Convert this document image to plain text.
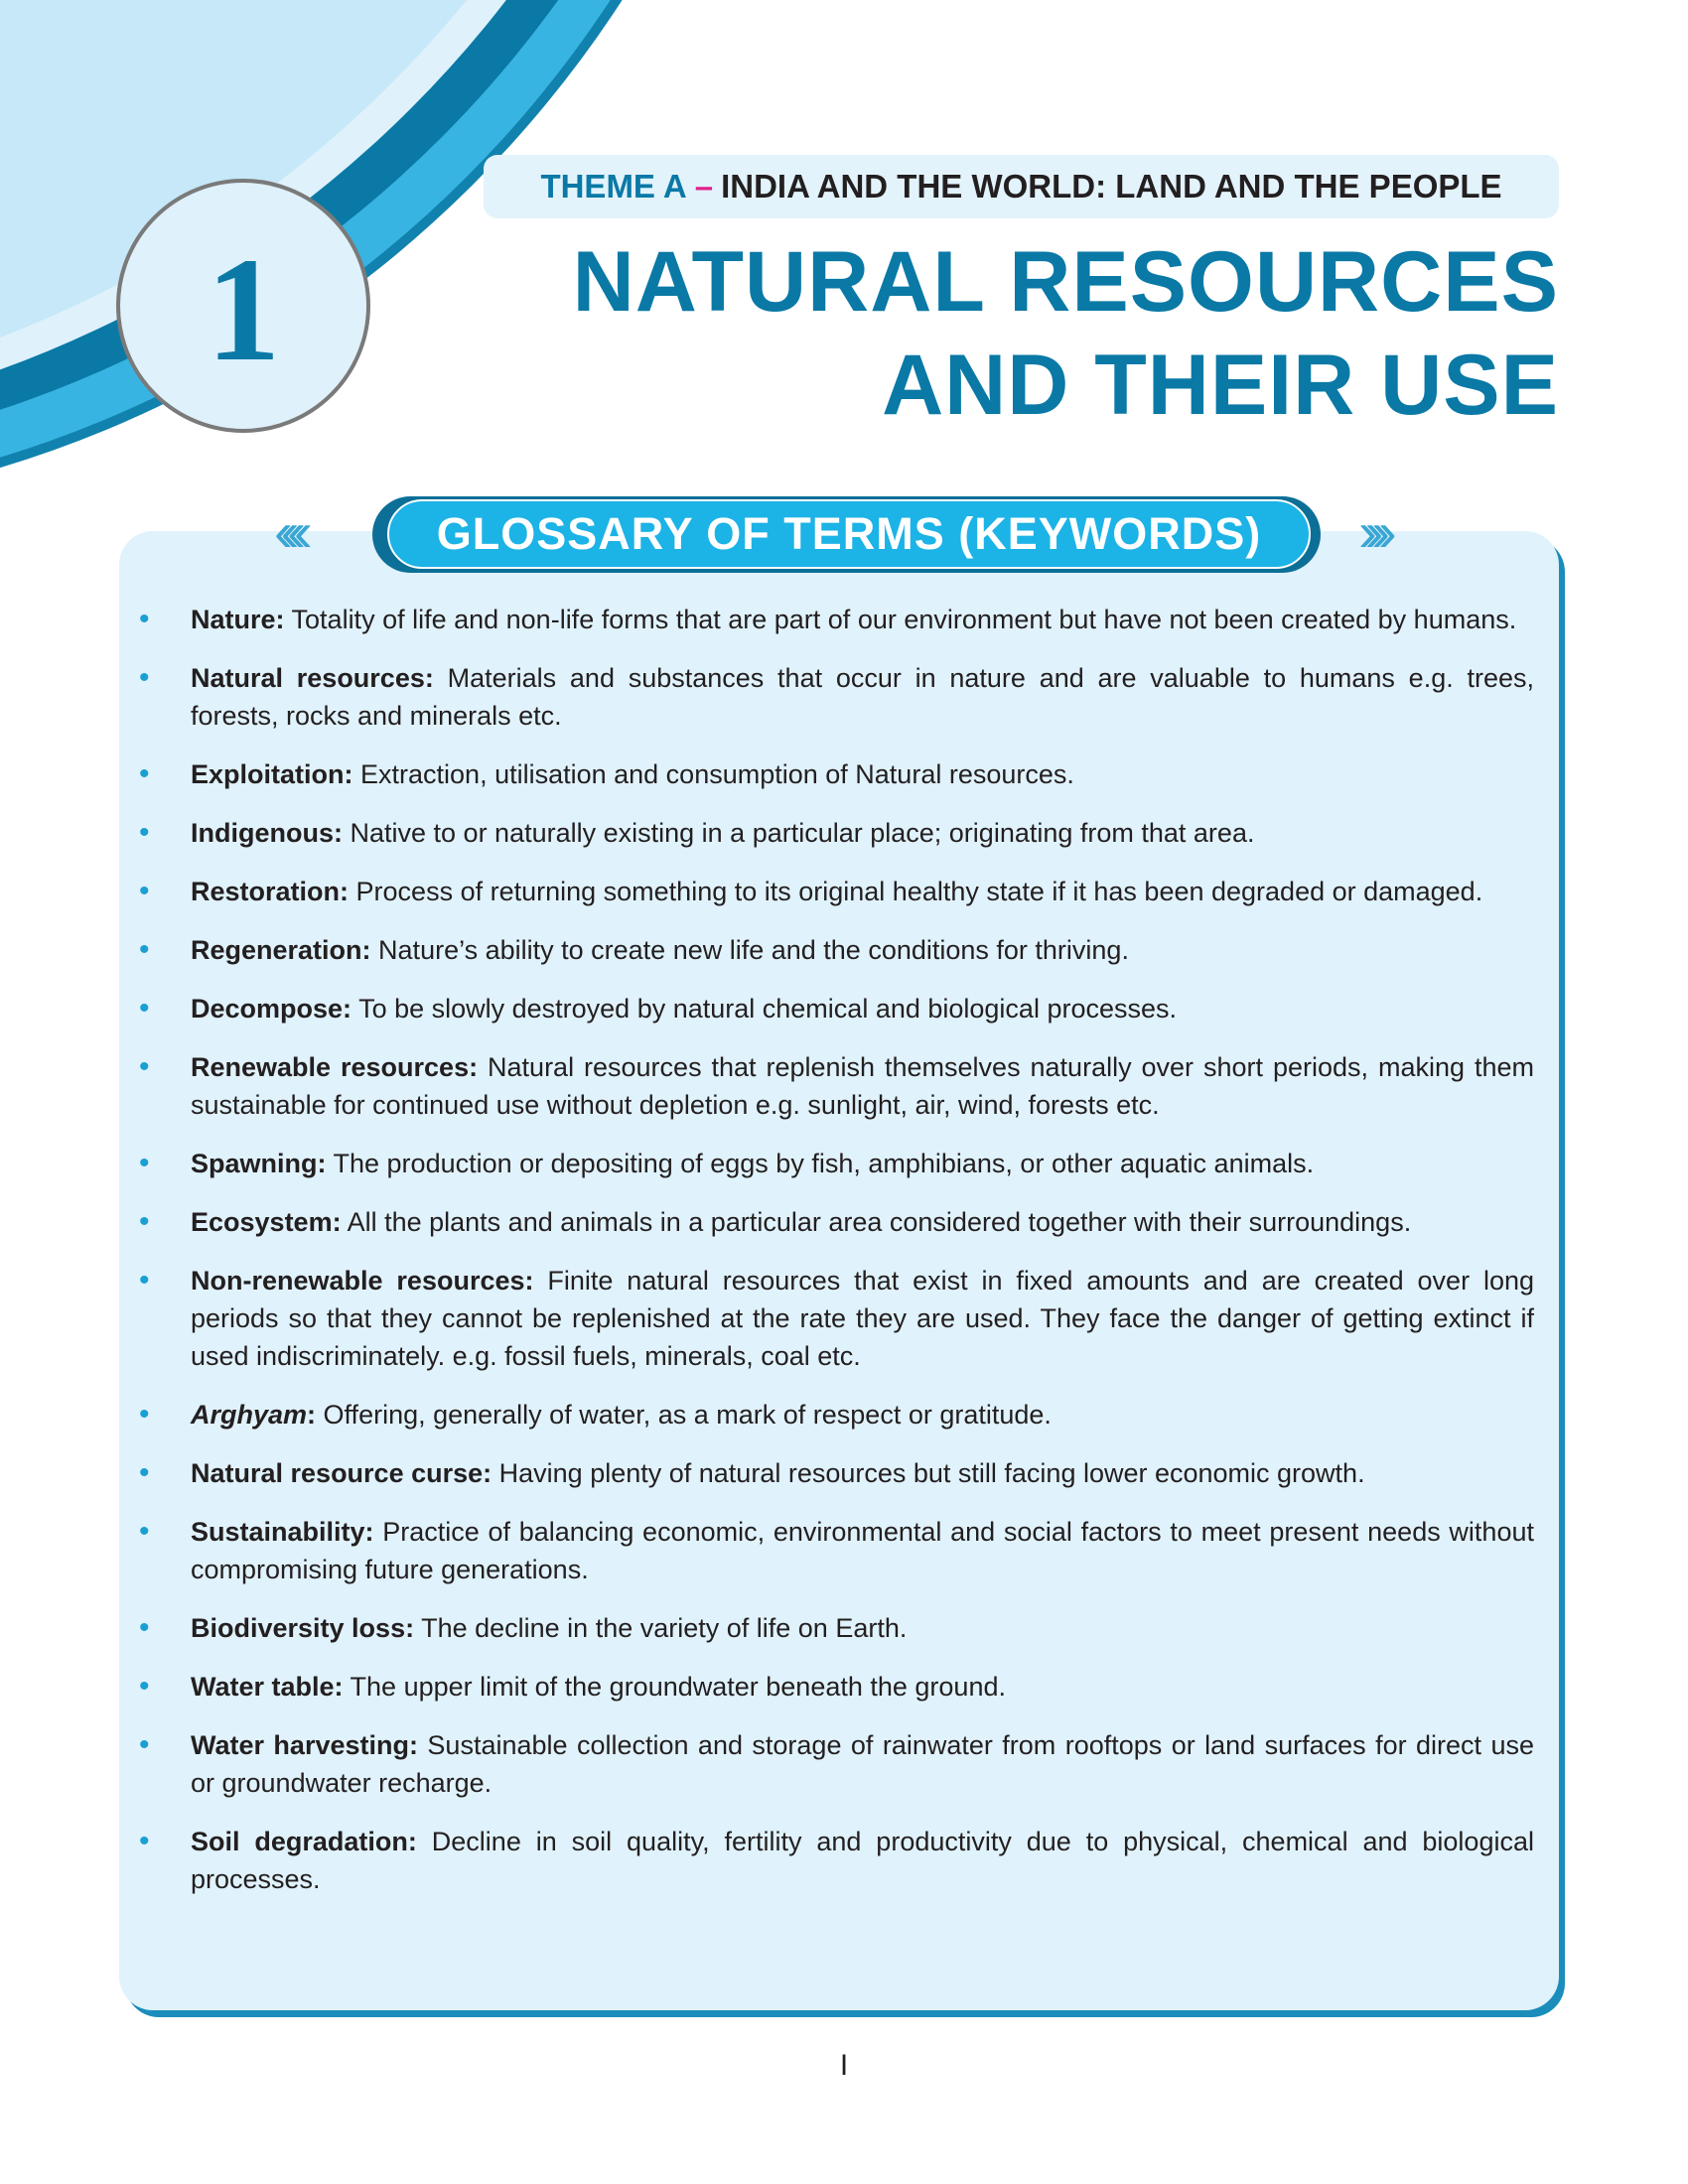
1
THEME A – INDIA AND THE WORLD: LAND AND THE PEOPLE
NATURAL RESOURCES
AND THEIR USE
‹‹‹‹	››››
GLOSSARY OF TERMS (KEYWORDS)
• Nature: Totality of life and non-life forms that are part of our environment but have not been created by humans.
• Natural resources: Materials and substances that occur in nature and are valuable to humans e.g. trees, forests, rocks and minerals etc.
• Exploitation: Extraction, utilisation and consumption of Natural resources.
• Indigenous: Native to or naturally existing in a particular place; originating from that area.
• Restoration: Process of returning something to its original healthy state if it has been degraded or damaged.
• Regeneration: Nature’s ability to create new life and the conditions for thriving.
• Decompose: To be slowly destroyed by natural chemical and biological processes.
• Renewable resources: Natural resources that replenish themselves naturally over short periods, making them sustainable for continued use without depletion e.g. sunlight, air, wind, forests etc.
• Spawning: The production or depositing of eggs by fish, amphibians, or other aquatic animals.
• Ecosystem: All the plants and animals in a particular area considered together with their surroundings.
• Non-renewable resources: Finite natural resources that exist in fixed amounts and are created over long periods so that they cannot be replenished at the rate they are used. They face the danger of getting extinct if used indiscriminately. e.g. fossil fuels, minerals, coal etc.
• Arghyam: Offering, generally of water, as a mark of respect or gratitude.
• Natural resource curse: Having plenty of natural resources but still facing lower economic growth.
• Sustainability: Practice of balancing economic, environmental and social factors to meet present needs without compromising future generations.
• Biodiversity loss: The decline in the variety of life on Earth.
• Water table: The upper limit of the groundwater beneath the ground.
• Water harvesting: Sustainable collection and storage of rainwater from rooftops or land surfaces for direct use or groundwater recharge.
• Soil degradation: Decline in soil quality, fertility and productivity due to physical, chemical and biological processes.
I
